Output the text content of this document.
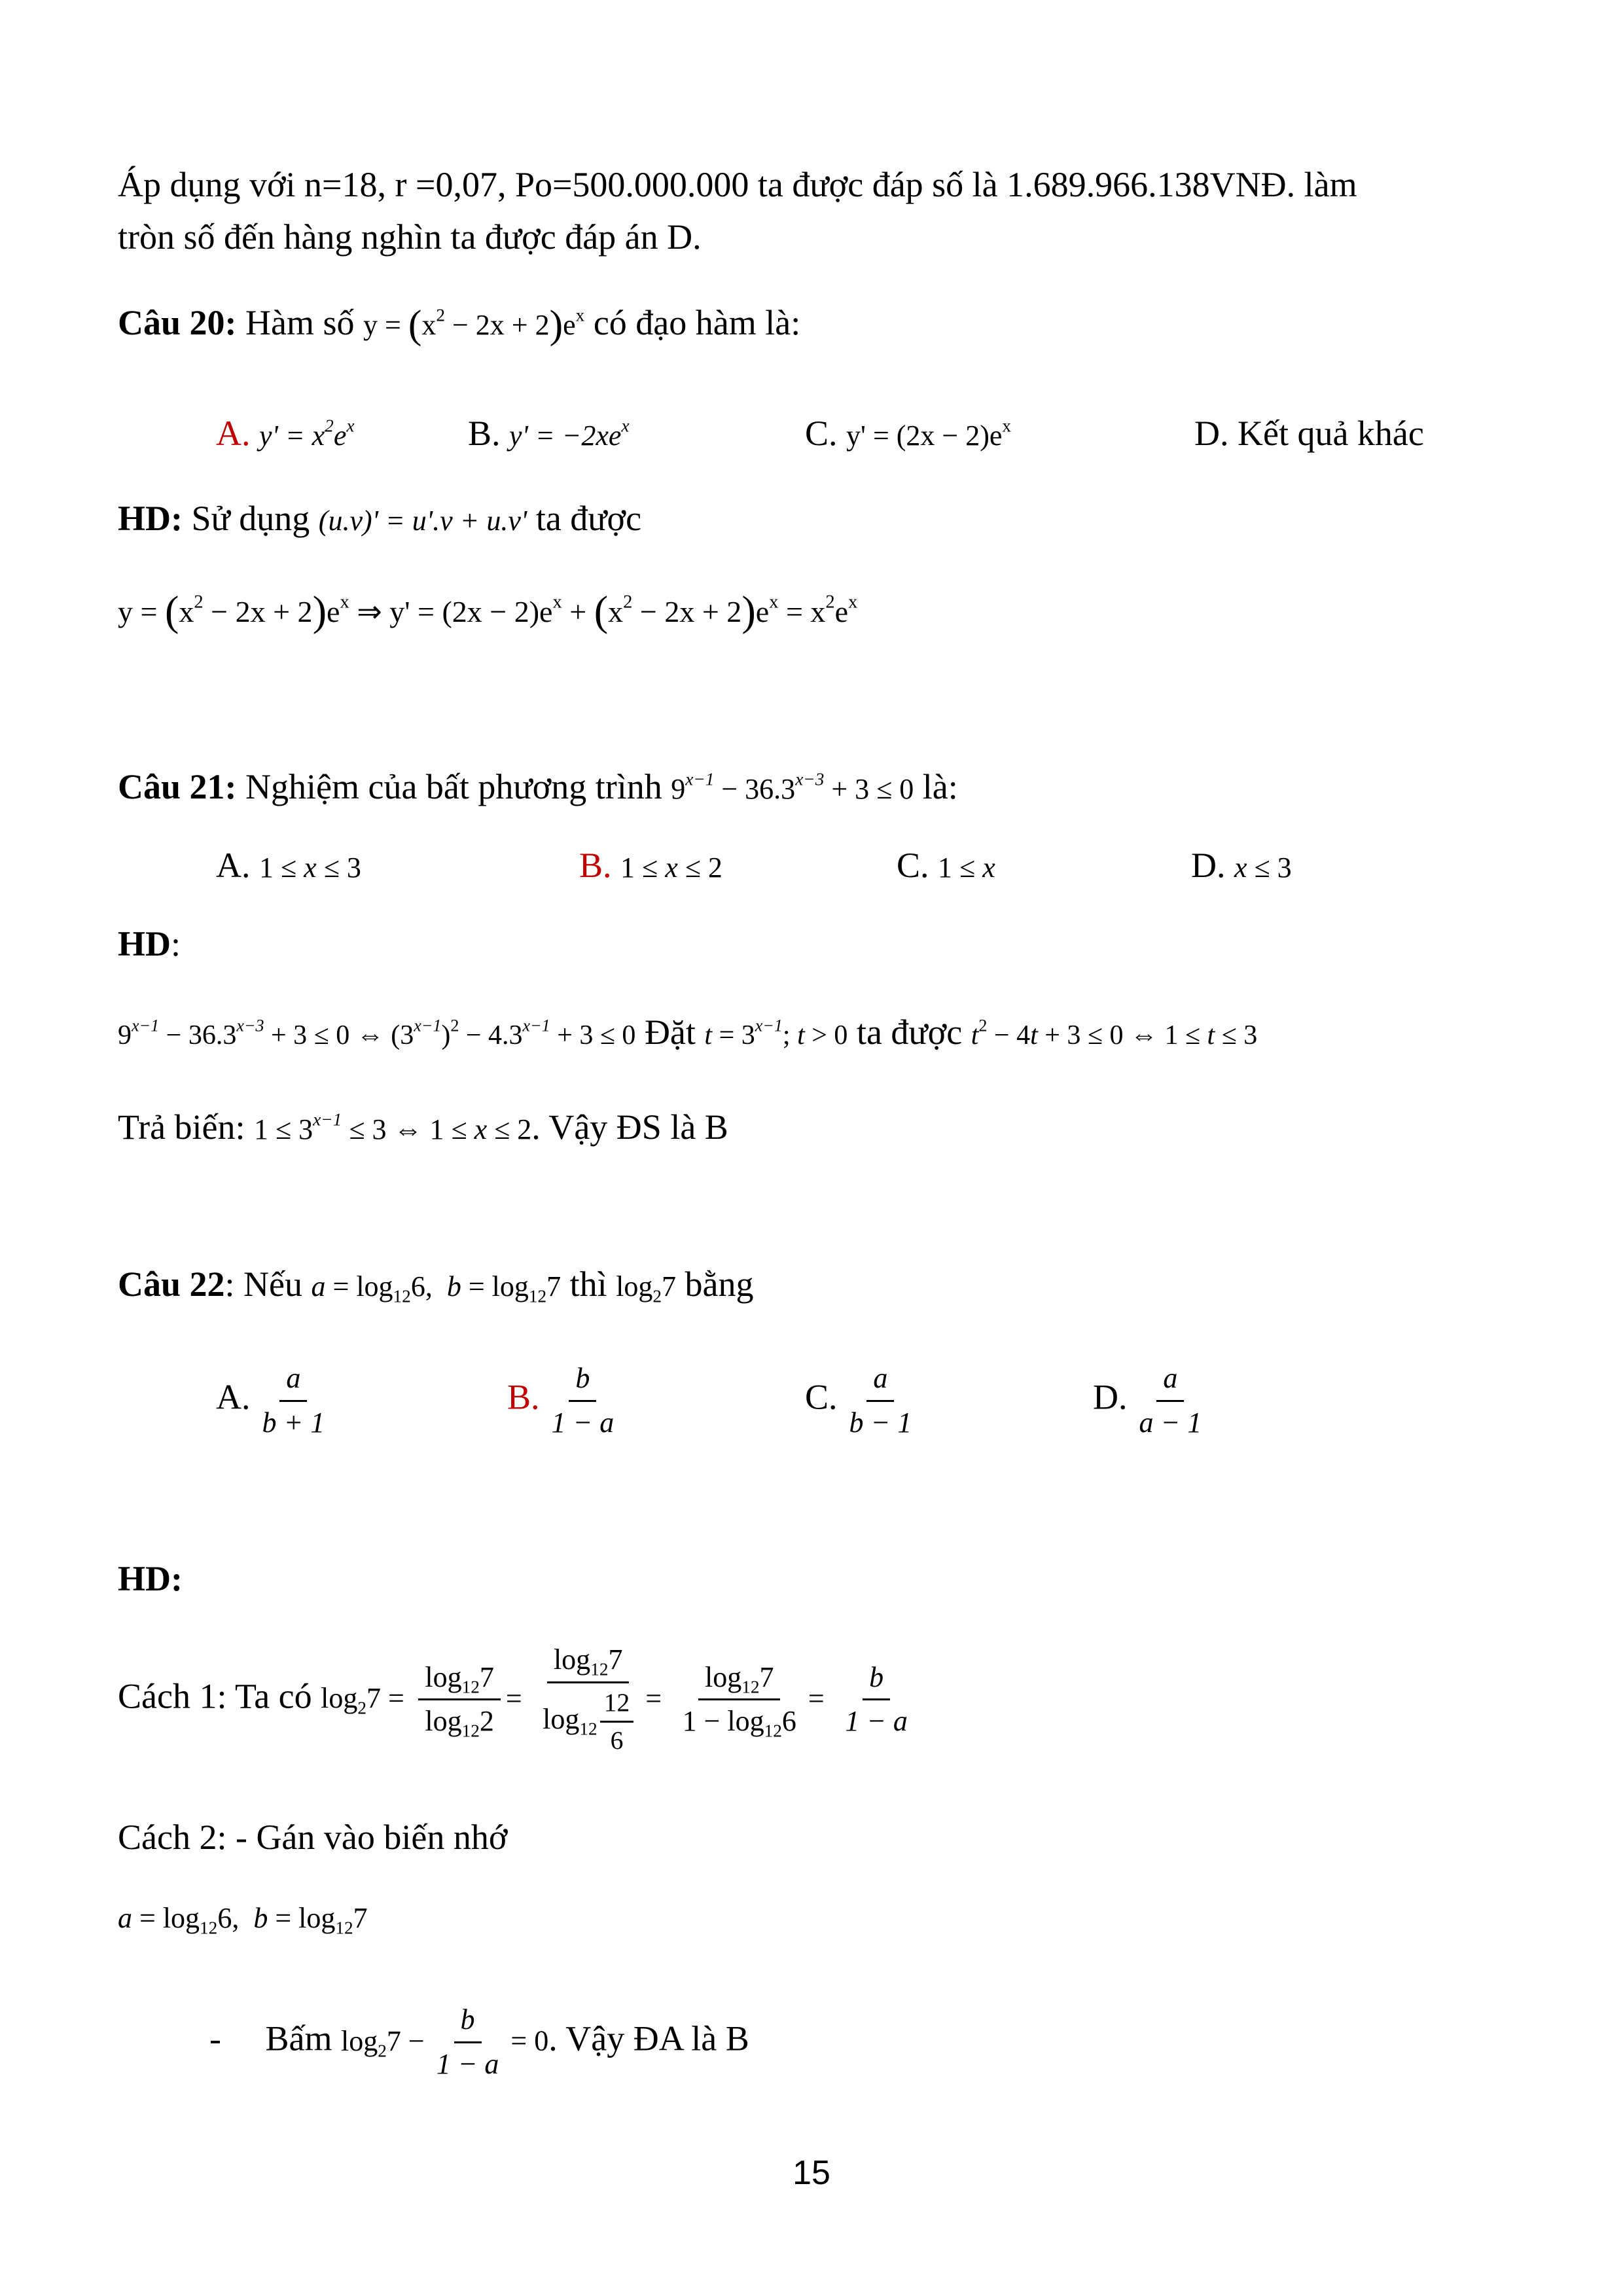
Áp dụng với n=18, r =0,07, Po=500.000.000 ta được đáp số là 1.689.966.138VNĐ. làm
tròn số đến hàng nghìn ta được đáp án D.
Câu 20: Hàm số $y = (x^2 - 2x + 2)e^x$ có đạo hàm là:
A. $y' = x^2e^x$	B. $y' = -2xe^x$	C. $y' = (2x - 2)e^x$	D. Kết quả khác
HD: Sử dụng (u.v)' = u'.v + u.v' ta được
$y = (x^2 - 2x + 2)e^x$ ⇒ $y' = (2x - 2)e^x + (x^2 - 2x + 2)e^x = x^2e^x$
Câu 21: Nghiệm của bất phương trình $9^{x-1} - 36.3^{x-3} + 3 \le 0$ là:
A. 1 ≤ x ≤ 3	B. 1 ≤ x ≤ 2	C. 1 ≤ x	D. x ≤ 3
HD:
$9^{x-1} - 36.3^{x-3} + 3 \le 0$ ⇔ $(3^{x-1})^2 - 4.3^{x-1} + 3 \le 0$ Đặt $t = 3^{x-1}$; t > 0 ta được $t^2 - 4t + 3 \le 0$ ⇔ 1 ≤ t ≤ 3
Trả biến: $1 \le 3^{x-1} \le 3$ ⇔ 1 ≤ x ≤ 2. Vậy ĐS là B
Câu 22: Nếu $a = \log_{12}6$,  $b = \log_{12}7$ thì $\log_27$ bằng
A. $\frac{a}{b + 1}$	B. $\frac{b}{1 - a}$	C. $\frac{a}{b - 1}$	D. $\frac{a}{a - 1}$
HD:
Cách 1: Ta có $\log_27 = \frac{\log_{12}7}{\log_{12}2} = \frac{\log_{12}7}{\log_{12} \frac{12}{6}} = \frac{\log_{12}7}{1 - \log_{12}6} = \frac{b}{1 - a}$
Cách 2: - Gán vào biến nhớ
$a = \log_{12}6$,  $b = \log_{12}7$
- Bấm $\log_27 - \frac{b}{1 - a} = 0$. Vậy ĐA là B
15
